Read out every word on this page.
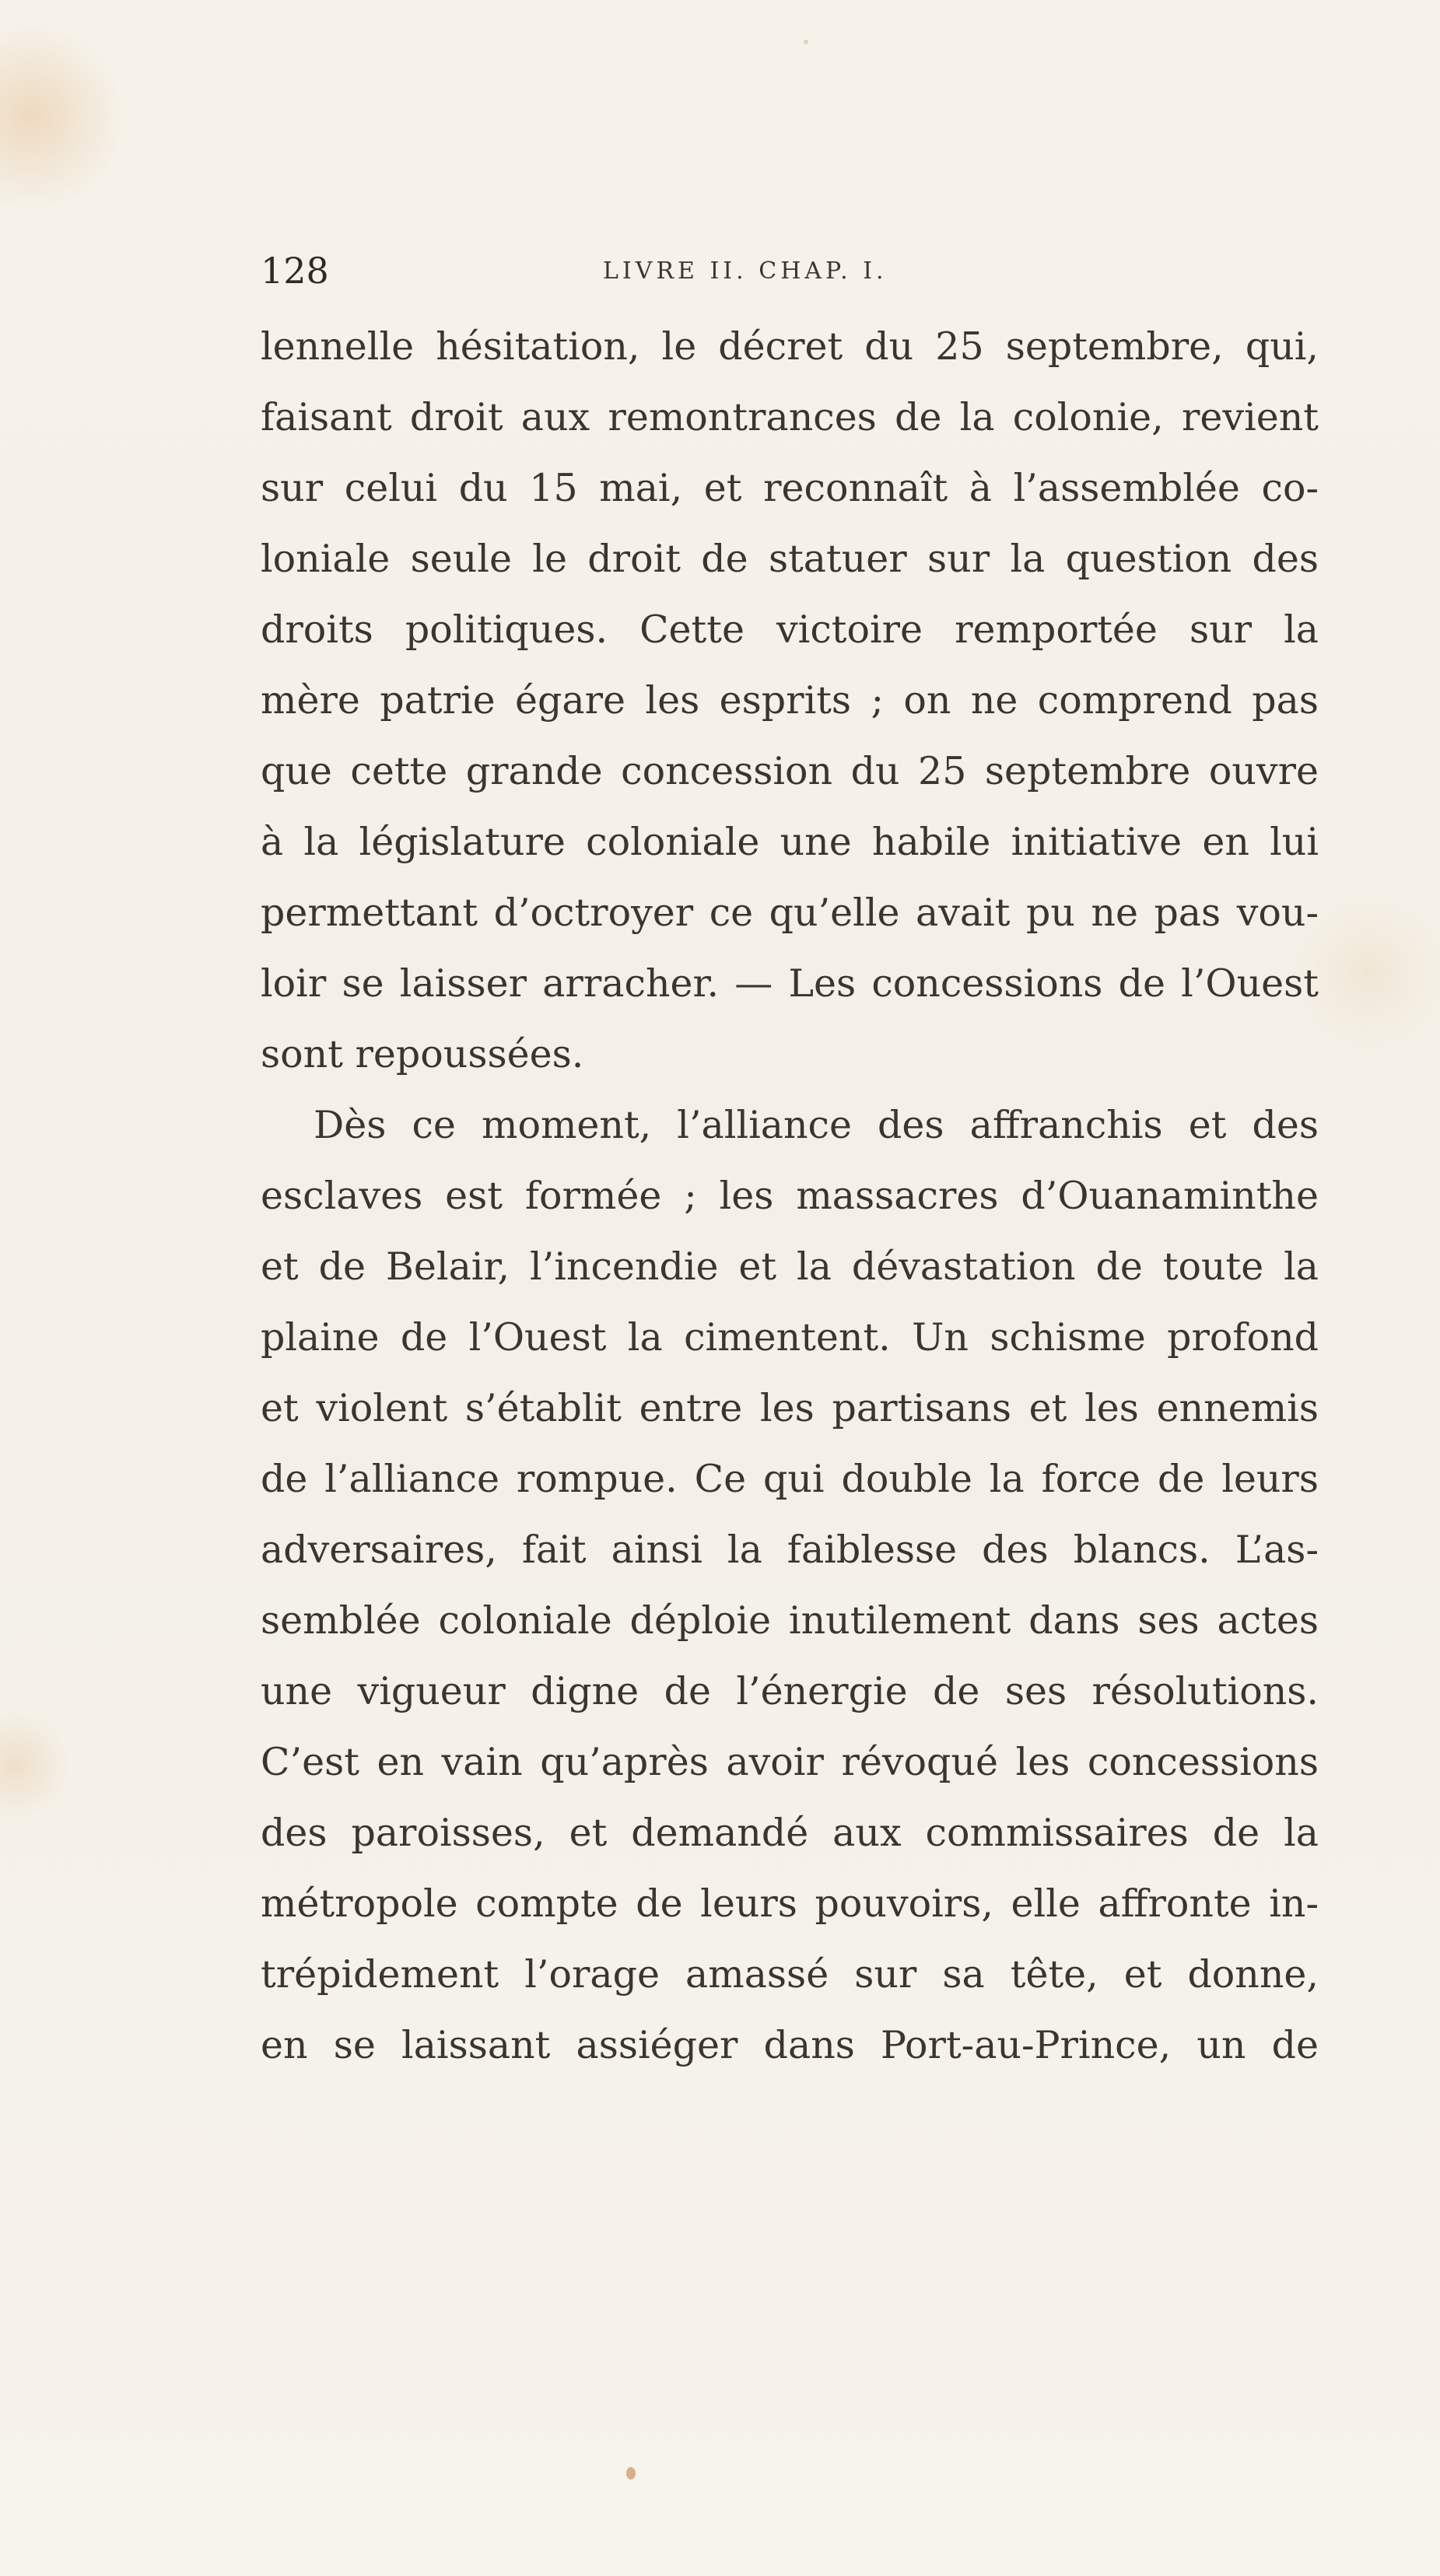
128	LIVRE II. CHAP. I.
lennelle hésitation, le décret du 25 septembre, qui,
faisant droit aux remontrances de la colonie, revient
sur celui du 15 mai, et reconnaît à l’assemblée co-
loniale seule le droit de statuer sur la question des
droits politiques. Cette victoire remportée sur la
mère patrie égare les esprits ; on ne comprend pas
que cette grande concession du 25 septembre ouvre
à la législature coloniale une habile initiative en lui
permettant d’octroyer ce qu’elle avait pu ne pas vou-
loir se laisser arracher. — Les concessions de l’Ouest
sont repoussées.
Dès ce moment, l’alliance des affranchis et des
esclaves est formée ; les massacres d’Ouanaminthe
et de Belair, l’incendie et la dévastation de toute la
plaine de l’Ouest la cimentent. Un schisme profond
et violent s’établit entre les partisans et les ennemis
de l’alliance rompue. Ce qui double la force de leurs
adversaires, fait ainsi la faiblesse des blancs. L’as-
semblée coloniale déploie inutilement dans ses actes
une vigueur digne de l’énergie de ses résolutions.
C’est en vain qu’après avoir révoqué les concessions
des paroisses, et demandé aux commissaires de la
métropole compte de leurs pouvoirs, elle affronte in-
trépidement l’orage amassé sur sa tête, et donne,
en se laissant assiéger dans Port-au-Prince, un de
